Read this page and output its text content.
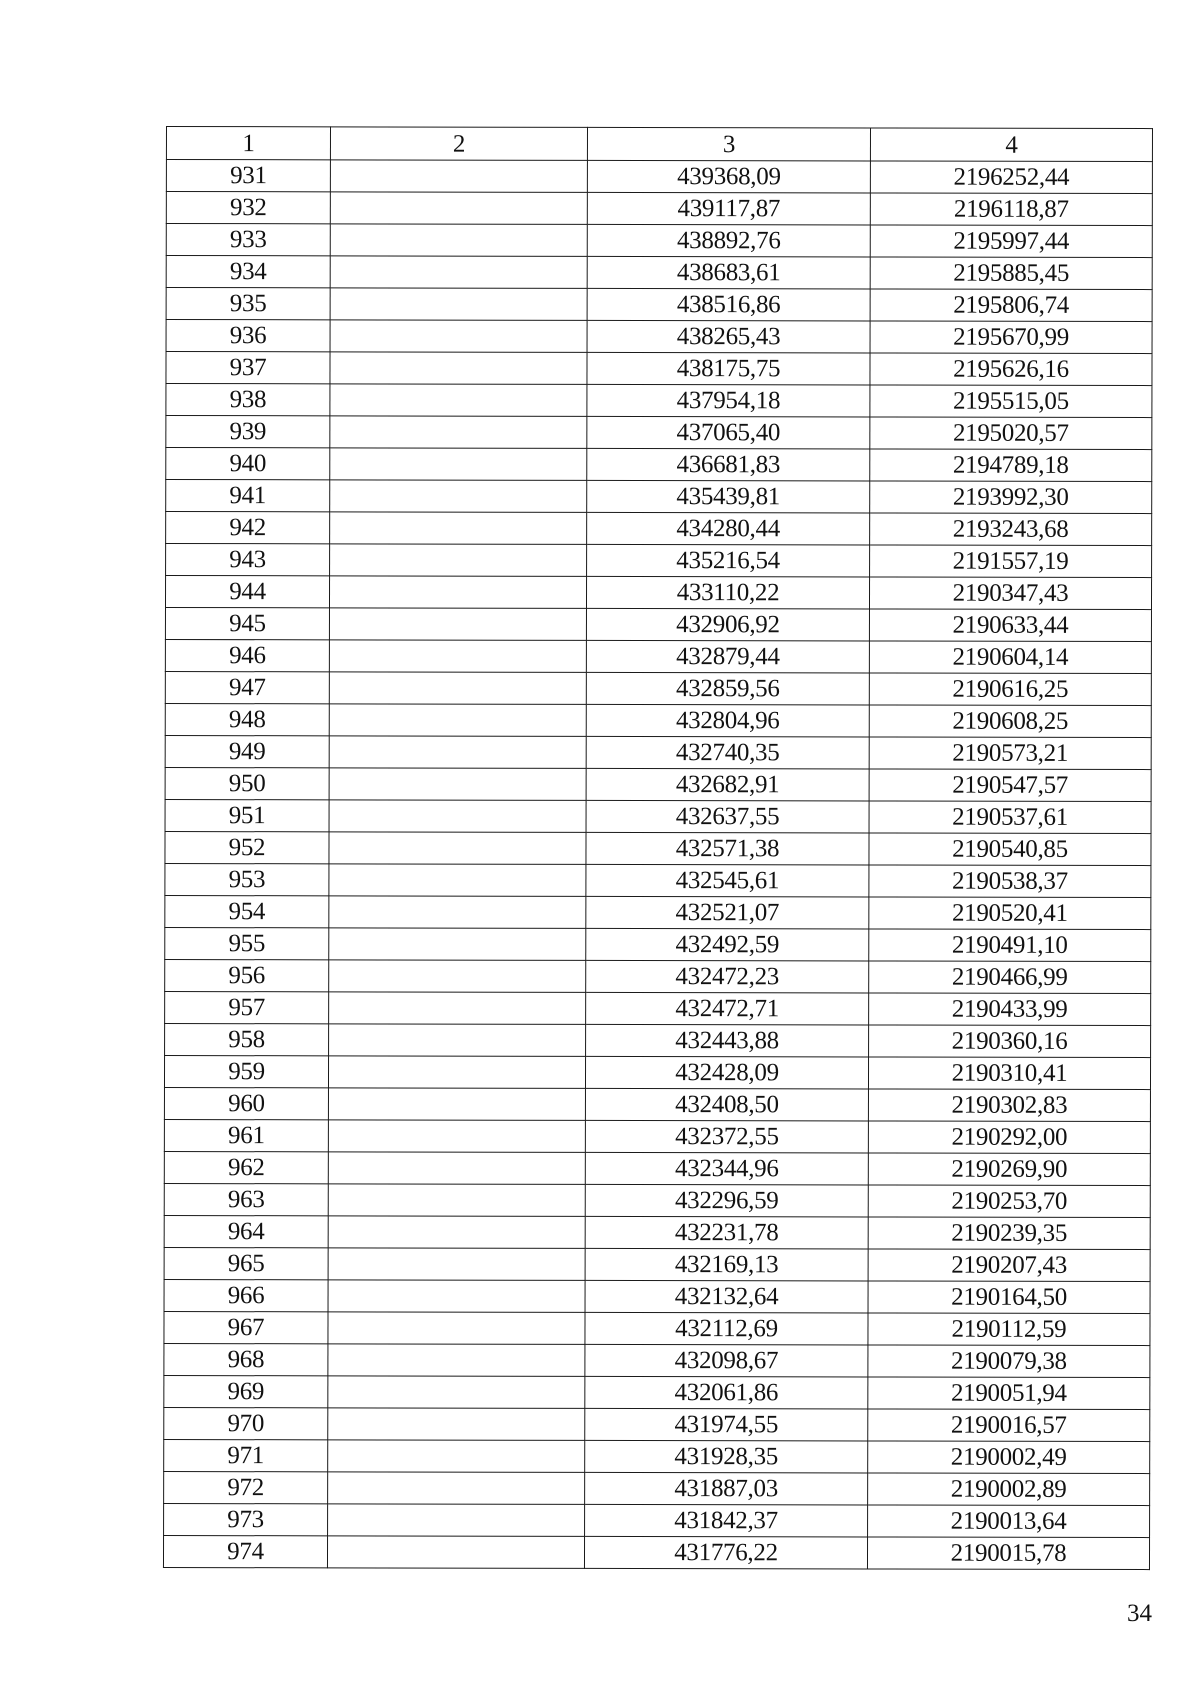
1	2	3	4
931		439368,09	2196252,44
932		439117,87	2196118,87
933		438892,76	2195997,44
934		438683,61	2195885,45
935		438516,86	2195806,74
936		438265,43	2195670,99
937		438175,75	2195626,16
938		437954,18	2195515,05
939		437065,40	2195020,57
940		436681,83	2194789,18
941		435439,81	2193992,30
942		434280,44	2193243,68
943		435216,54	2191557,19
944		433110,22	2190347,43
945		432906,92	2190633,44
946		432879,44	2190604,14
947		432859,56	2190616,25
948		432804,96	2190608,25
949		432740,35	2190573,21
950		432682,91	2190547,57
951		432637,55	2190537,61
952		432571,38	2190540,85
953		432545,61	2190538,37
954		432521,07	2190520,41
955		432492,59	2190491,10
956		432472,23	2190466,99
957		432472,71	2190433,99
958		432443,88	2190360,16
959		432428,09	2190310,41
960		432408,50	2190302,83
961		432372,55	2190292,00
962		432344,96	2190269,90
963		432296,59	2190253,70
964		432231,78	2190239,35
965		432169,13	2190207,43
966		432132,64	2190164,50
967		432112,69	2190112,59
968		432098,67	2190079,38
969		432061,86	2190051,94
970		431974,55	2190016,57
971		431928,35	2190002,49
972		431887,03	2190002,89
973		431842,37	2190013,64
974		431776,22	2190015,78
34
